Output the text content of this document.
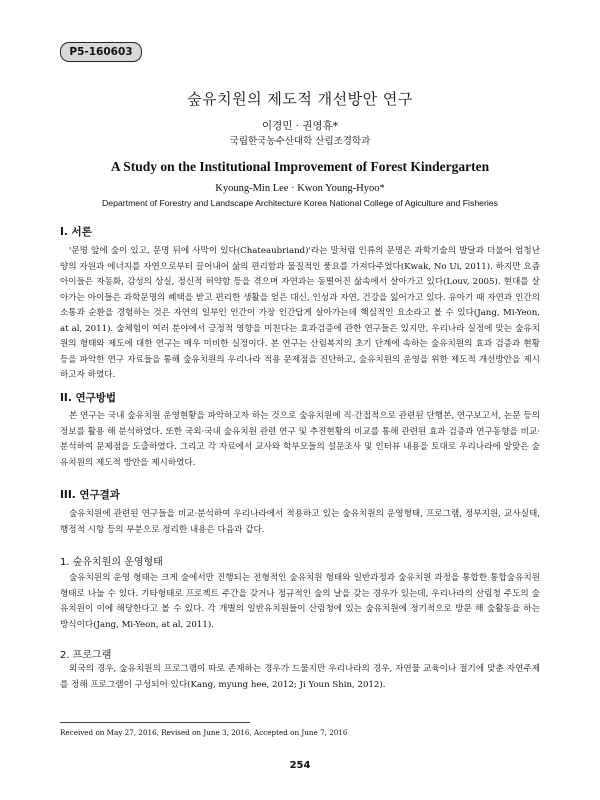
P5-160603
숲유치원의 제도적 개선방안 연구
이경민 · 권영휴*
국립한국농수산대학 산림조경학과
A Study on the Institutional Improvement of Forest Kindergarten
Kyoung-Min Lee · Kwon Young-Hyoo*
Department of Forestry and Landscape Architecture Korea National College of Agiculture and Fisheries
I. 서론

'문명 앞에 숲이 있고, 문명 뒤에 사막이 있다(Chateaubriand)'라는 말처럼 인류의 문명은 과학기술의 발달과 더불어 엄청난 양의 자원과 에너지를 자연으로부터 끌어내어 삶의 편리함과 물질적인 풍요를 가져다주었다(Kwak, No Ui, 2011). 하지만 요즘 아이들은 자동화, 감성의 상실, 정신적 허약함 등을 겪으며 자연과는 동떨어진 삶속에서 살아가고 있다(Louv, 2005). 현대를 살아가는 아이들은 과학문명의 혜택을 받고 편리한 생활을 얻은 대신, 인성과 자연, 건강을 잃어가고 있다. 유아기 때 자연과 인간의 소통과 순환을 경험하는 것은 자연의 일부인 인간이 가장 인간답게 살아가는데 핵심적인 요소라고 볼 수 있다(Jang, Mi-Yeon, at al, 2011). 숲체험이 여러 분야에서 긍정적 영향을 미친다는 효과검증에 관한 연구들은 있지만, 우리나라 실정에 맞는 숲유치원의 형태와 제도에 대한 연구는 매우 미비한 실정이다. 본 연구는 산림복지의 초기 단계에 속하는 숲유치원의 효과 검증과 현황 등을 파악한 연구 자료들을 통해 숲유치원의 우리나라 적용 문제점을 진단하고, 숲유치원의 운영을 위한 제도적 개선방안을 제시하고자 하였다.

II. 연구방법

본 연구는 국내 숲유치원 운영현황을 파악하고자 하는 것으로 숲유치원에 직·간접적으로 관련된 단행본, 연구보고서, 논문 등의 정보를 활용 해 분석하였다. 또한 국외·국내 숲유치원 관련 연구 및 추진현황의 비교를 통해 관련된 효과 검증과 연구동향을 비교·분석하여 문제점을 도출하였다. 그리고 각 자료에서 교사와 학부모들의 설문조사 및 인터뷰 내용을 토대로 우리나라에 알맞은 숲유치원의 제도적 방안을 제시하였다.

III. 연구결과

숲유치원에 관련된 연구들을 비교·분석하여 우리나라에서 적용하고 있는 숲유치원의 운영형태, 프로그램, 정부지원, 교사실태, 행정적 시항 등의 부분으로 정리한 내용은 다음과 같다.

1. 숲유치원의 운영형태

숲유치원의 운영 형태는 크게 숲에서만 진행되는 전형적인 숲유치원 형태와 일반과정과 숲유치원 과정을 통합한 통합숲유치원 형태로 나눌 수 있다. 기타형태로 프로젝트 주간을 갖거나 정규적인 숲의 날을 갖는 경우가 있는데, 우리나라의 산림청 주도의 숲유치원이 이에 해당한다고 볼 수 있다. 각 개별의 일반유치원들이 산림청에 있는 숲유치원에 정기적으로 방문 해 숲활동을 하는 방식이다(Jang, Mi-Yeon, at al, 2011).

2. 프로그램

외국의 경우, 숲유치원의 프로그램이 따로 존재하는 경우가 드물지만 우리나라의 경우, 자연물 교육이나 절기에 맞춘 자연주제를 정해 프로그램이 구성되어 있다(Kang, myung hee, 2012; Ji Youn Shin, 2012).

Received on May 27, 2016, Revised on June 3, 2016, Accepted on June 7, 2016
254
